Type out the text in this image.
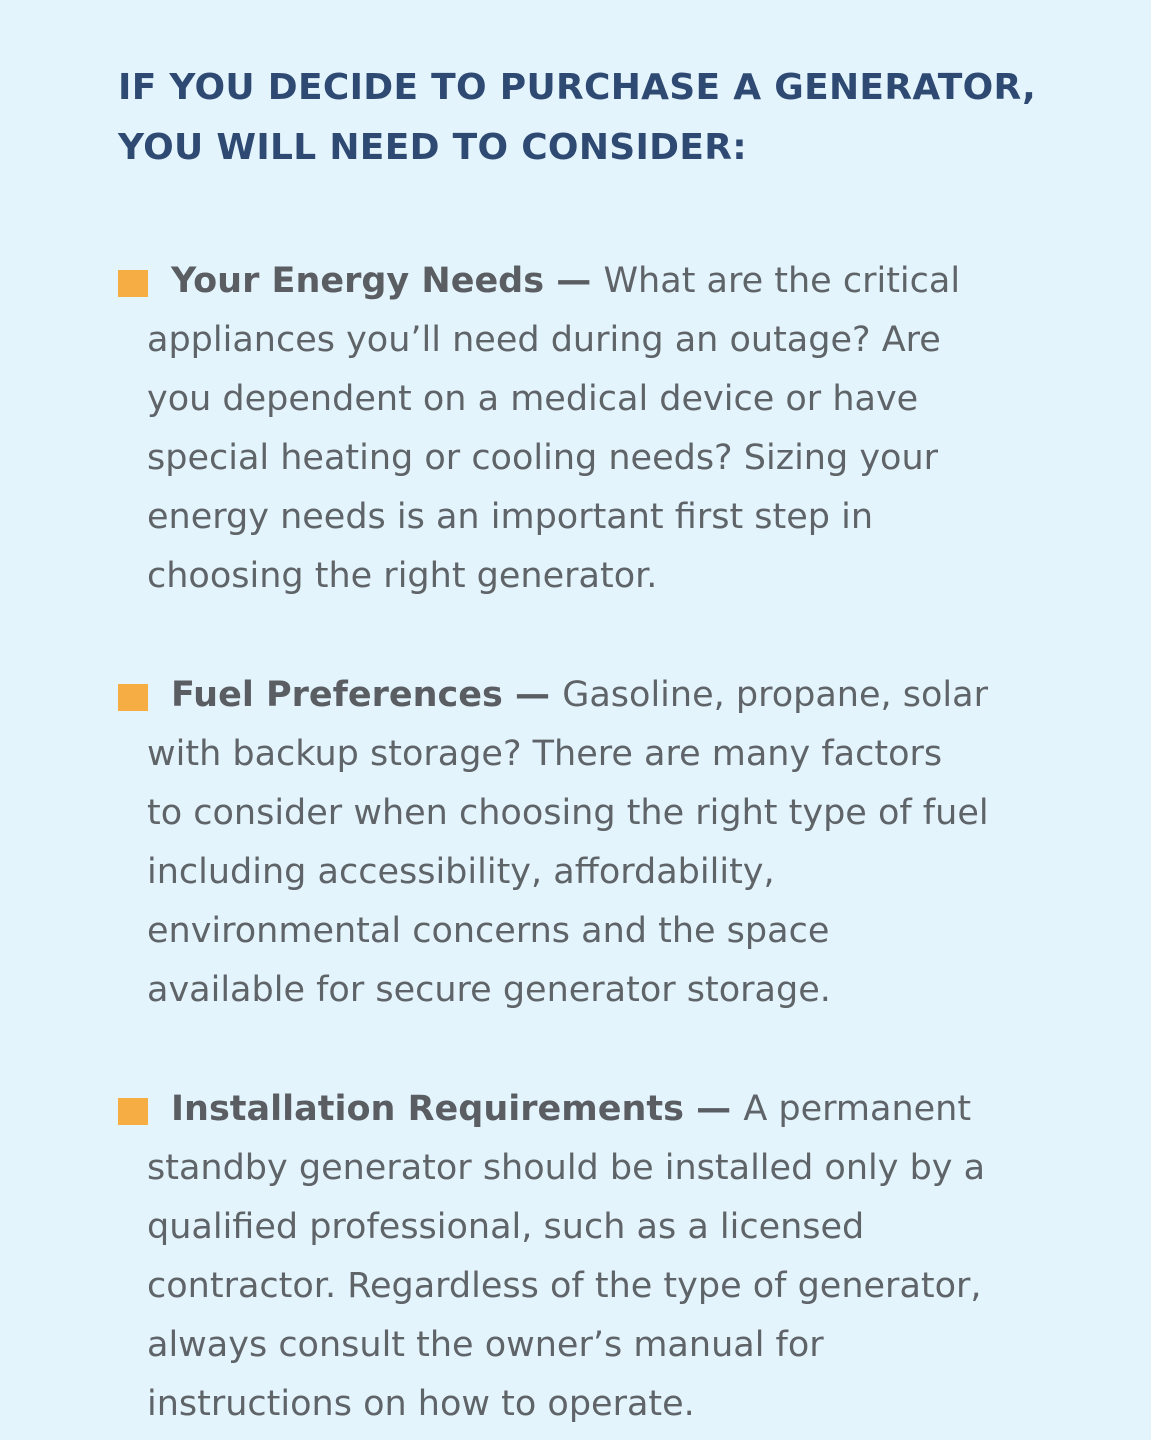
IF YOU DECIDE TO PURCHASE A GENERATOR,
YOU WILL NEED TO CONSIDER:
Your Energy Needs — What are the critical
appliances you’ll need during an outage? Are
you dependent on a medical device or have
special heating or cooling needs? Sizing your
energy needs is an important first step in
choosing the right generator.
Fuel Preferences — Gasoline, propane, solar
with backup storage? There are many factors
to consider when choosing the right type of fuel
including accessibility, affordability,
environmental concerns and the space
available for secure generator storage.
Installation Requirements — A permanent
standby generator should be installed only by a
qualified professional, such as a licensed
contractor. Regardless of the type of generator,
always consult the owner’s manual for
instructions on how to operate.
